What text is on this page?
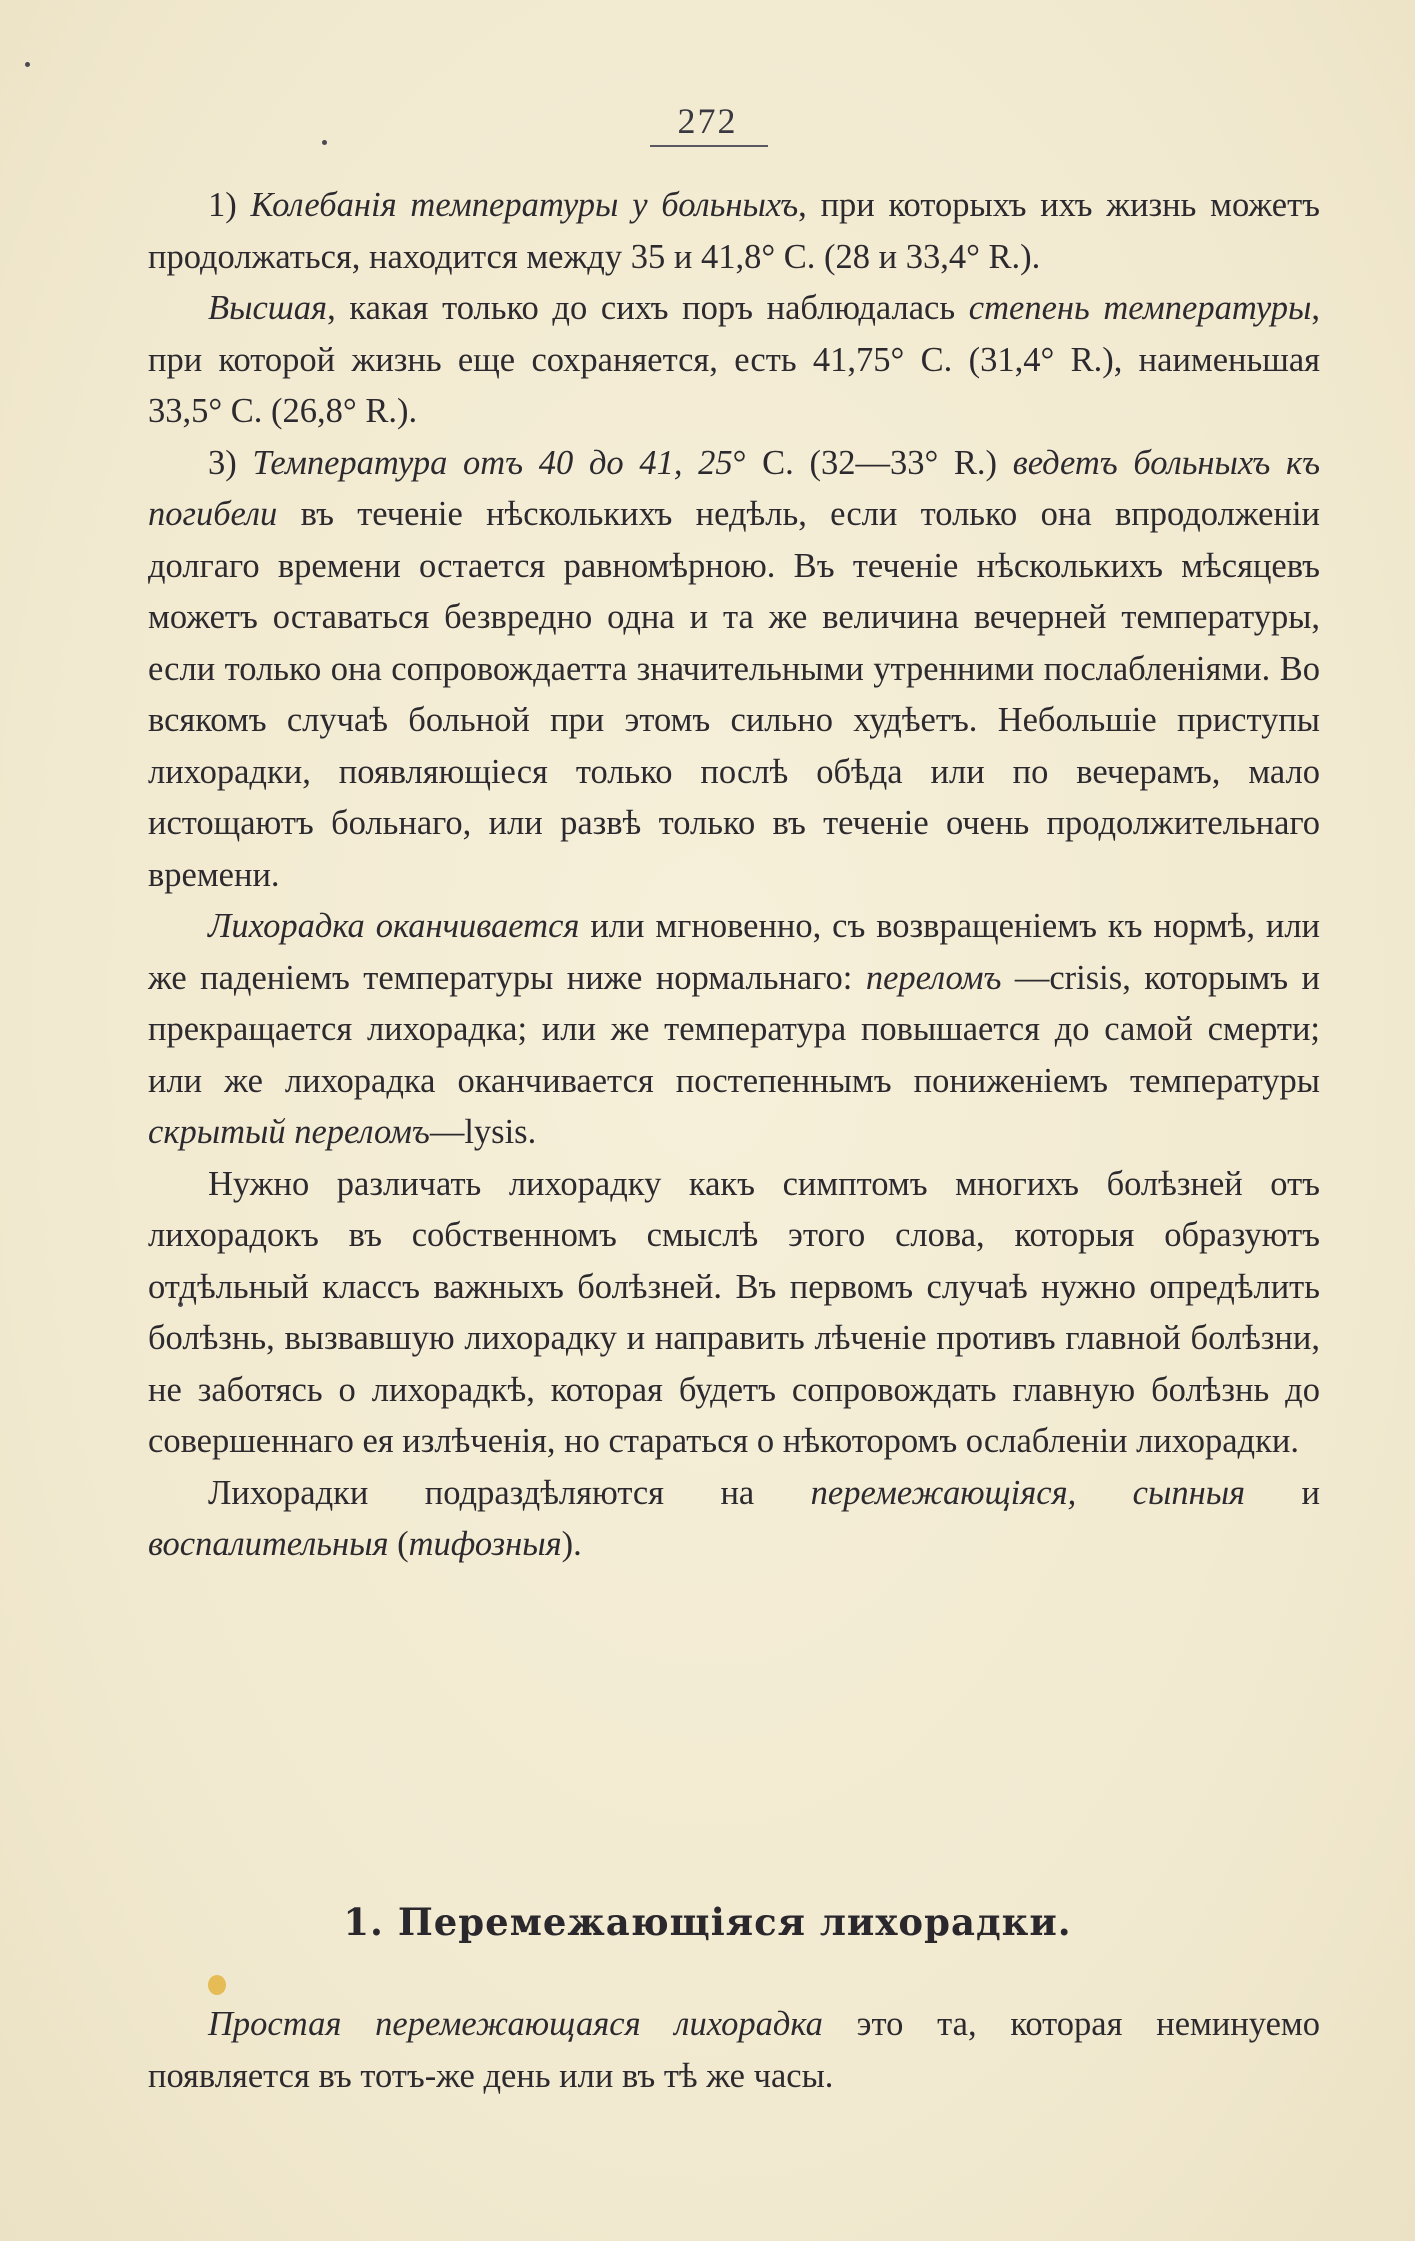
272

1) Колебанія температуры у больныхъ, при которыхъ ихъ жизнь можетъ продолжаться, находится между 35 и 41,8° С. (28 и 33,4° R.).

Высшая, какая только до сихъ поръ наблюдалась степень температуры, при которой жизнь еще сохраняется, есть 41,75° С. (31,4° R.), наименьшая 33,5° С. (26,8° R.).

3) Температура отъ 40 до 41, 25° С. (32—33° R.) ведетъ больныхъ къ погибели въ теченіе нѣсколькихъ недѣль, если только она впродолженіи долгаго времени остается равномѣрною. Въ теченіе нѣсколькихъ мѣсяцевъ можетъ оставаться безвредно одна и та же величина вечерней температуры, если только она сопровождаетта значительными утренними послабленіями. Во всякомъ случаѣ больной при этомъ сильно худѣетъ. Небольшіе приступы лихорадки, появляющіеся только послѣ обѣда или по вечерамъ, мало истощаютъ больнаго, или развѣ только въ теченіе очень продолжительнаго времени.

Лихорадка оканчивается или мгновенно, съ возвращеніемъ къ нормѣ, или же паденіемъ температуры ниже нормальнаго: переломъ —crisis, которымъ и прекращается лихорадка; или же температура повышается до самой смерти; или же лихорадка оканчивается постепеннымъ пониженіемъ температуры скрытый переломъ—lysis.

Нужно различать лихорадку какъ симптомъ многихъ болѣзней отъ лихорадокъ въ собственномъ смыслѣ этого слова, которыя образуютъ отдѣльный классъ важныхъ болѣзней. Въ первомъ случаѣ нужно опредѣлить болѣзнь, вызвавшую лихорадку и направить лѣченіе противъ главной болѣзни, не заботясь о лихорадкѣ, которая будетъ сопровождать главную болѣзнь до совершеннаго ея излѣченія, но стараться о нѣкоторомъ ослабленіи лихорадки.

Лихорадки подраздѣляются на перемежающіяся, сыпныя и воспалительныя (тифозныя).

1. Перемежающіяся лихорадки.

Простая перемежающаяся лихорадка это та, которая неминуемо появляется въ тотъ-же день или въ тѣ же часы.
